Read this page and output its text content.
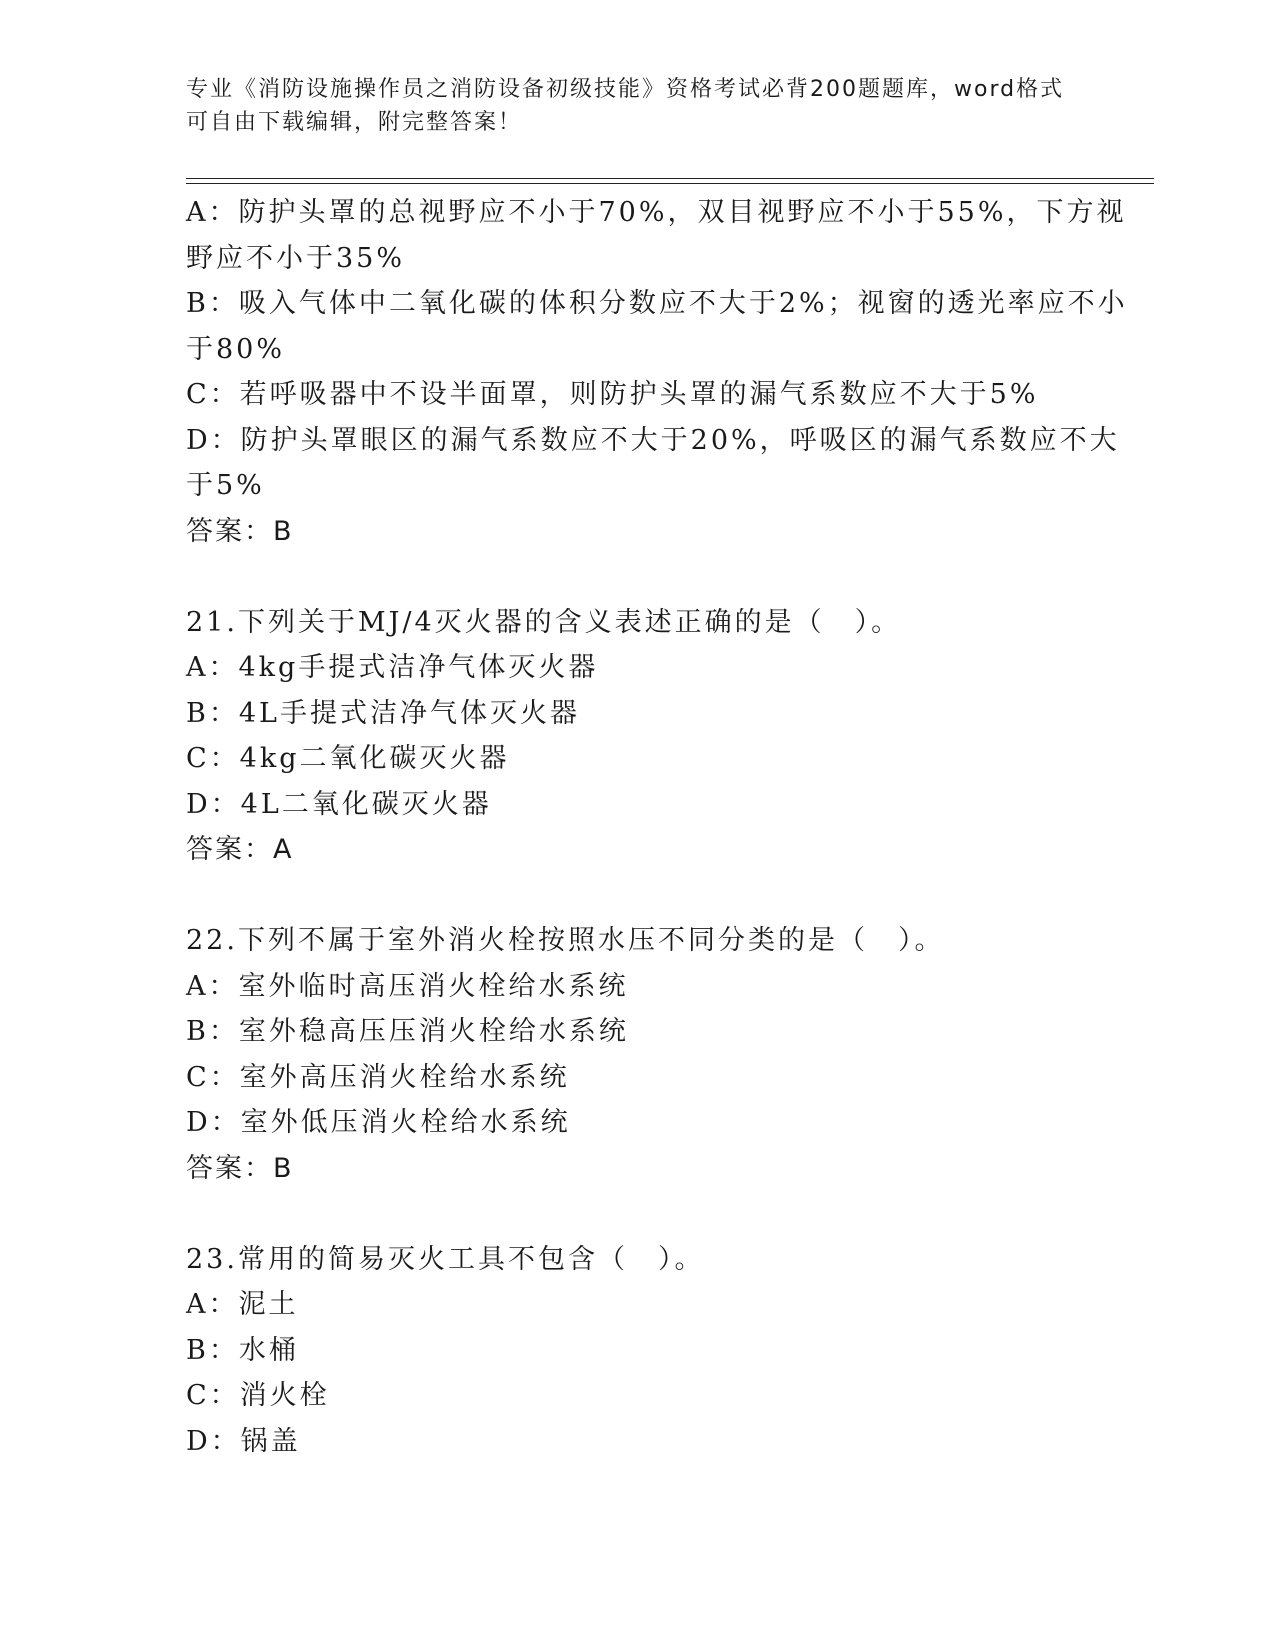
专业《消防设施操作员之消防设备初级技能》资格考试必背200题题库，word格式可自由下载编辑，附完整答案！
A：防护头罩的总视野应不小于70%，双目视野应不小于55%，下方视
野应不小于35%
B：吸入气体中二氧化碳的体积分数应不大于2%；视窗的透光率应不小
于80%
C：若呼吸器中不设半面罩，则防护头罩的漏气系数应不大于5%
D：防护头罩眼区的漏气系数应不大于20%，呼吸区的漏气系数应不大
于5%
答案：B
21.下列关于MJ/4灭火器的含义表述正确的是（　）。
A：4kg手提式洁净气体灭火器
B：4L手提式洁净气体灭火器
C：4kg二氧化碳灭火器
D：4L二氧化碳灭火器
答案：A
22.下列不属于室外消火栓按照水压不同分类的是（　）。
A：室外临时高压消火栓给水系统
B：室外稳高压压消火栓给水系统
C：室外高压消火栓给水系统
D：室外低压消火栓给水系统
答案：B
23.常用的简易灭火工具不包含（　）。
A：泥土
B：水桶
C：消火栓
D：锅盖
